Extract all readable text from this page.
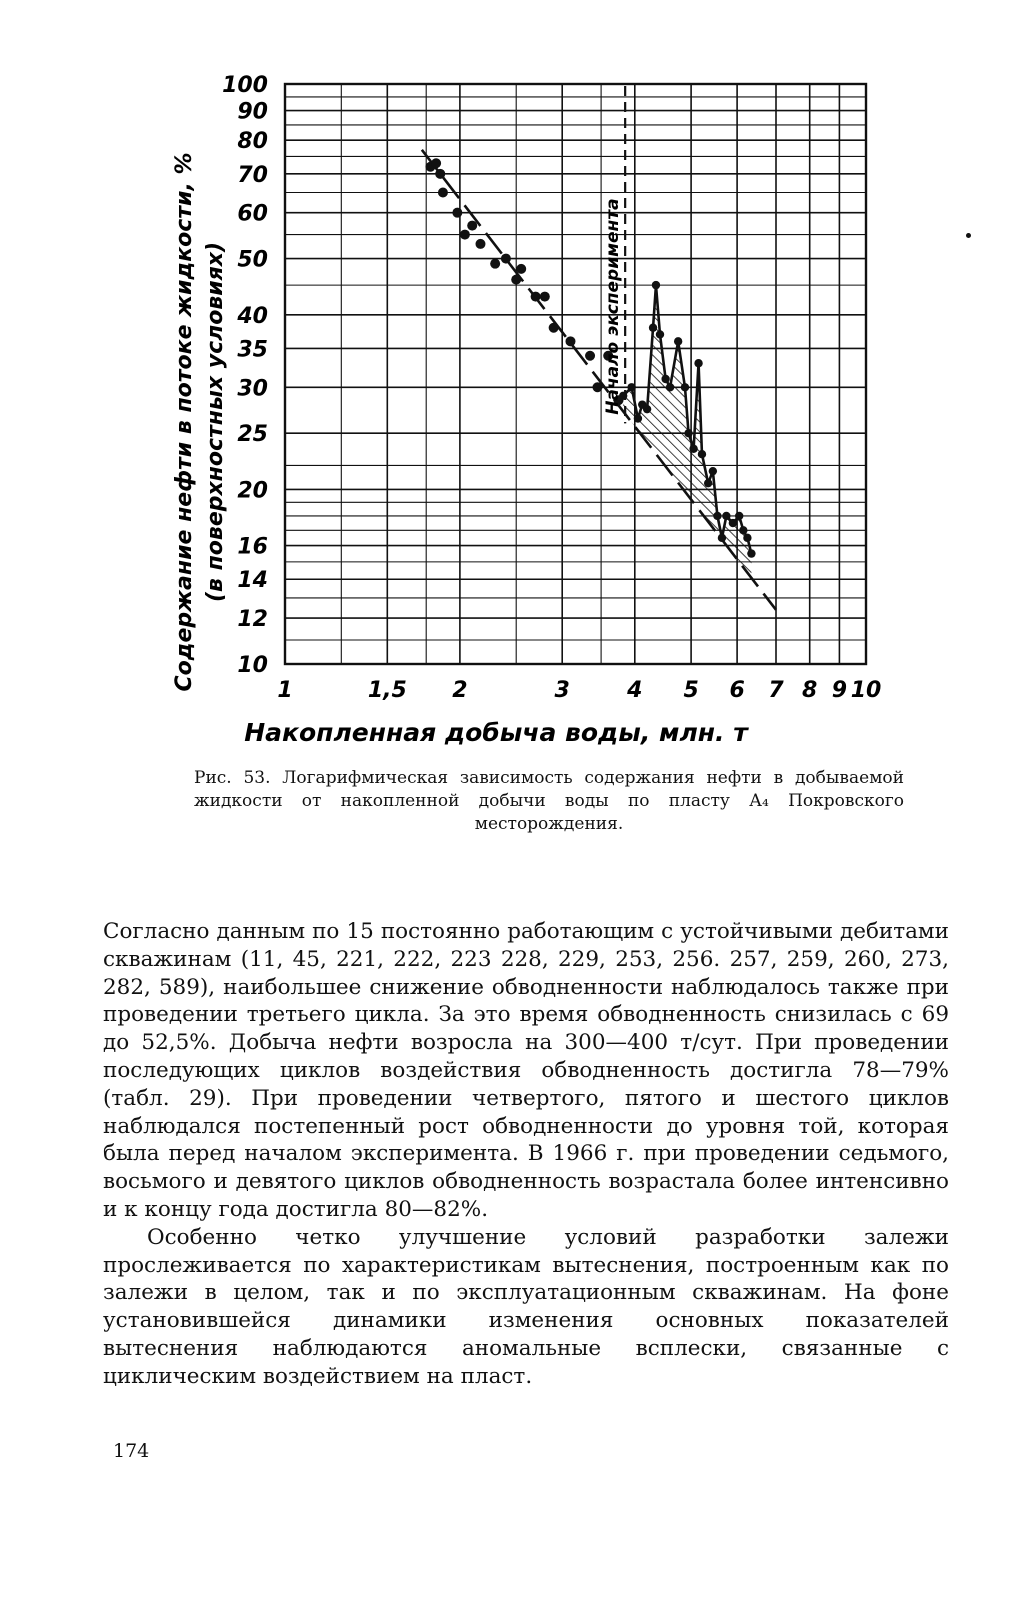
1	1,5 2	3	4 5 6 7 8 9 10
10
12
14
16
20
25
30
35
40
50
60
70
80
90
100
Начало эксперимента
Содержание нефти в потоке жидкости, % (в поверхностных условиях)
Накопленная добыча воды, млн. т
Рис. 53. Логарифмическая зависимость содержания нефти в добываемой жидкости от накопленной добычи воды по пласту А₄ Покровского месторождения.

Согласно данным по 15 постоянно работающим с устойчивыми дебитами скважинам (11, 45, 221, 222, 223 228, 229, 253, 256. 257, 259, 260, 273, 282, 589), наибольшее снижение обводненности наблюдалось также при проведении третьего цикла. За это время обводненность снизилась с 69 до 52,5%. Добыча нефти возросла на 300—400 т/сут. При проведении последующих циклов воздействия обводненность достигла 78—79% (табл. 29). При проведении четвертого, пятого и шестого циклов наблюдался постепенный рост обводненности до уровня той, которая была перед началом эксперимента. В 1966 г. при проведении седьмого, восьмого и девятого циклов обводненность возрастала более интенсивно и к концу года достигла 80—82%.

Особенно четко улучшение условий разработки залежи прослеживается по характеристикам вытеснения, построенным как по залежи в целом, так и по эксплуатационным скважинам. На фоне установившейся динамики изменения основных показателей вытеснения наблюдаются аномальные всплески, связанные с циклическим воздействием на пласт.

174
